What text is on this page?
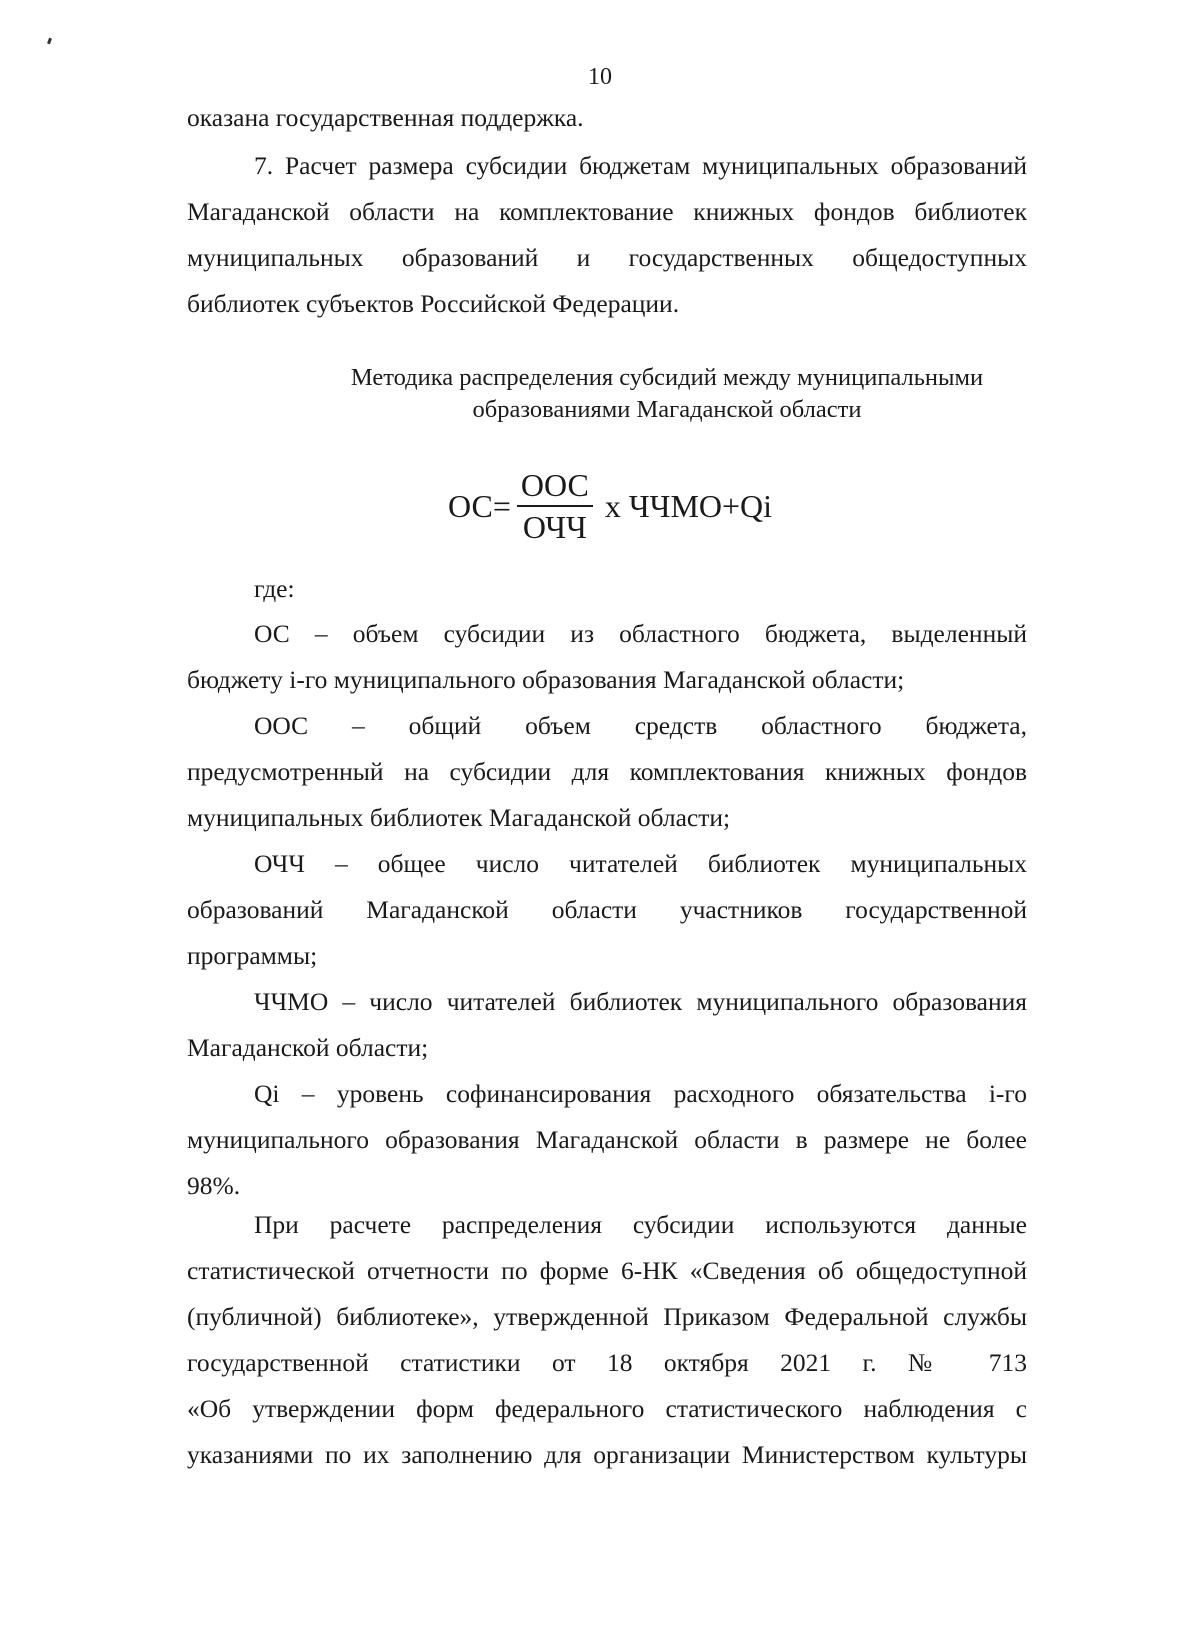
10

оказана государственная поддержка.

7. Расчет размера субсидии бюджетам муниципальных образований

Магаданской области на комплектование книжных фондов библиотек

муниципальных образований и государственных общедоступных

библиотек субъектов Российской Федерации.

Методика распределения субсидий между муниципальными
образованиями Магаданской области
ОС = $\frac{\text{ООС}}{\text{ОЧЧ}}$ х ЧЧМО+Qi

где:

ОС – объем субсидии из областного бюджета, выделенный

бюджету i-го муниципального образования Магаданской области;

ООС – общий объем средств областного бюджета,

предусмотренный на субсидии для комплектования книжных фондов

муниципальных библиотек Магаданской области;

ОЧЧ – общее число читателей библиотек муниципальных

образований Магаданской области участников государственной

программы;

ЧЧМО – число читателей библиотек муниципального образования

Магаданской области;

Qi – уровень софинансирования расходного обязательства i-го

муниципального образования Магаданской области в размере не более

98%.

При расчете распределения субсидии используются данные

статистической отчетности по форме 6-НК «Сведения об общедоступной

(публичной) библиотеке», утвержденной Приказом Федеральной службы

государственной статистики от 18 октября 2021 г. № 713

«Об утверждении форм федерального статистического наблюдения с

указаниями по их заполнению для организации Министерством культуры
